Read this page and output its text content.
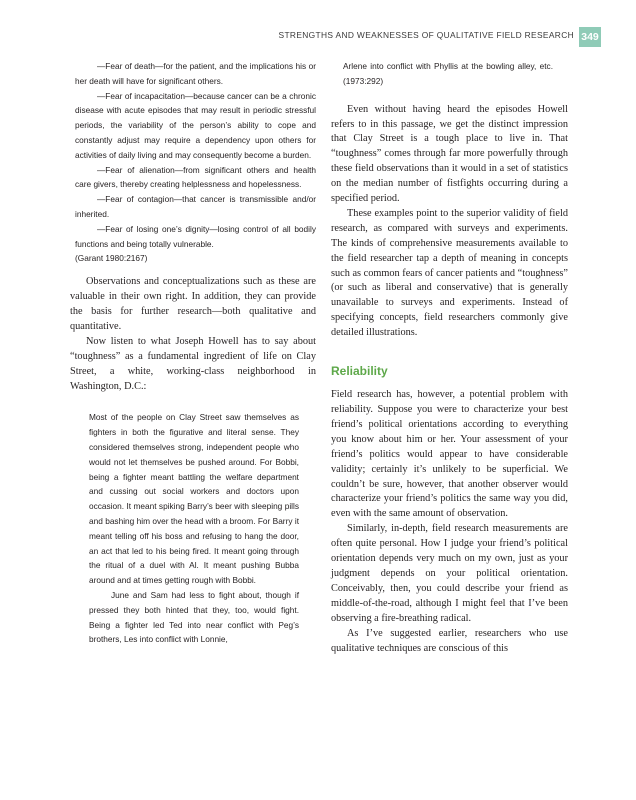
STRENGTHS AND WEAKNESSES OF QUALITATIVE FIELD RESEARCH 349

—Fear of death—for the patient, and the implications his or her death will have for significant others.

—Fear of incapacitation—because cancer can be a chronic disease with acute episodes that may result in periodic stressful periods, the variability of the person’s ability to cope and constantly adjust may require a dependency upon others for activities of daily living and may consequently become a burden.

—Fear of alienation—from significant others and health care givers, thereby creating helplessness and hopelessness.

—Fear of contagion—that cancer is transmissible and/or inherited.

—Fear of losing one’s dignity—losing control of all bodily functions and being totally vulnerable.

(Garant 1980:2167)

Observations and conceptualizations such as these are valuable in their own right. In addition, they can provide the basis for further research—both qualitative and quantitative.

Now listen to what Joseph Howell has to say about “toughness” as a fundamental ingredient of life on Clay Street, a white, working-class neighborhood in Washington, D.C.:

Most of the people on Clay Street saw themselves as fighters in both the figurative and literal sense. They considered themselves strong, independent people who would not let themselves be pushed around. For Bobbi, being a fighter meant battling the welfare department and cussing out social workers and doctors upon occasion. It meant spiking Barry’s beer with sleeping pills and bashing him over the head with a broom. For Barry it meant telling off his boss and refusing to hang the door, an act that led to his being fired. It meant going through the ritual of a duel with Al. It meant pushing Bubba around and at times getting rough with Bobbi.

June and Sam had less to fight about, though if pressed they both hinted that they, too, would fight. Being a fighter led Ted into near conflict with Peg’s brothers, Les into conflict with Lonnie,

Arlene into conflict with Phyllis at the bowling alley, etc. (1973:292)

Even without having heard the episodes Howell refers to in this passage, we get the distinct impression that Clay Street is a tough place to live in. That “toughness” comes through far more powerfully through these field observations than it would in a set of statistics on the median number of fistfights occurring during a specified period.

These examples point to the superior validity of field research, as compared with surveys and experiments. The kinds of comprehensive measurements available to the field researcher tap a depth of meaning in concepts such as common fears of cancer patients and “toughness” (or such as liberal and conservative) that is generally unavailable to surveys and experiments. Instead of specifying concepts, field researchers commonly give detailed illustrations.

Reliability

Field research has, however, a potential problem with reliability. Suppose you were to characterize your best friend’s political orientations according to everything you know about him or her. Your assessment of your friend’s politics would appear to have considerable validity; certainly it’s unlikely to be superficial. We couldn’t be sure, however, that another observer would characterize your friend’s politics the same way you did, even with the same amount of observation.

Similarly, in-depth, field research measurements are often quite personal. How I judge your friend’s political orientation depends very much on my own, just as your judgment depends on your political orientation. Conceivably, then, you could describe your friend as middle-of-the-road, although I might feel that I’ve been observing a fire-breathing radical.

As I’ve suggested earlier, researchers who use qualitative techniques are conscious of this
